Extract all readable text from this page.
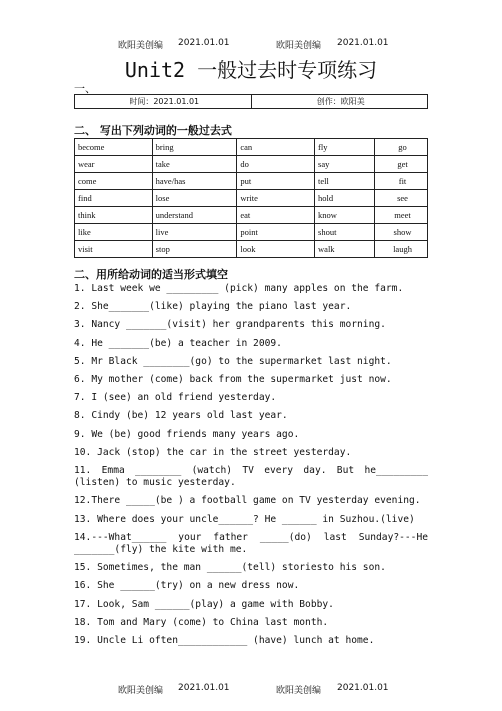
欧阳美创编 2021.01.01	欧阳美创编 2021.01.01
Unit2 一般过去时专项练习
一、
时间：2021.01.01	创作：欧阳美
二、 写出下列动词的一般过去式
become	bring	can	fly	go
wear	take	do	say	get
come	have/has	put	tell	fit
find	lose	write	hold	see
think	understand	eat	know	meet
like	live	point	shout	show
visit	stop	look	walk	laugh
二、用所给动词的适当形式填空

1. Last week we _________ (pick) many apples on the farm.

2. She_______(like) playing the piano last year.

3. Nancy _______(visit) her grandparents this morning.

4. He _______(be) a teacher in 2009.

5. Mr Black ________(go) to the supermarket last night.

6. My mother (come) back from the supermarket just now.

7. I (see) an old friend yesterday.

8. Cindy (be) 12 years old last year.

9. We (be) good friends many years ago.

10. Jack (stop) the car in the street yesterday.

11. Emma ________ (watch) TV every day. But he_________ (listen) to music yesterday.

12.There _____(be ) a football game on TV yesterday evening.

13. Where does your uncle______? He ______ in Suzhou.(live)

14.---What______ your father _____(do) last Sunday?---He _______(fly) the kite with me.

15. Sometimes, the man ______(tell) storiesto his son.

16. She ______(try) on a new dress now.

17. Look, Sam ______(play) a game with Bobby.

18. Tom and Mary (come) to China last month.

19. Uncle Li often____________ (have) lunch at home.

欧阳美创编 2021.01.01	欧阳美创编 2021.01.01
